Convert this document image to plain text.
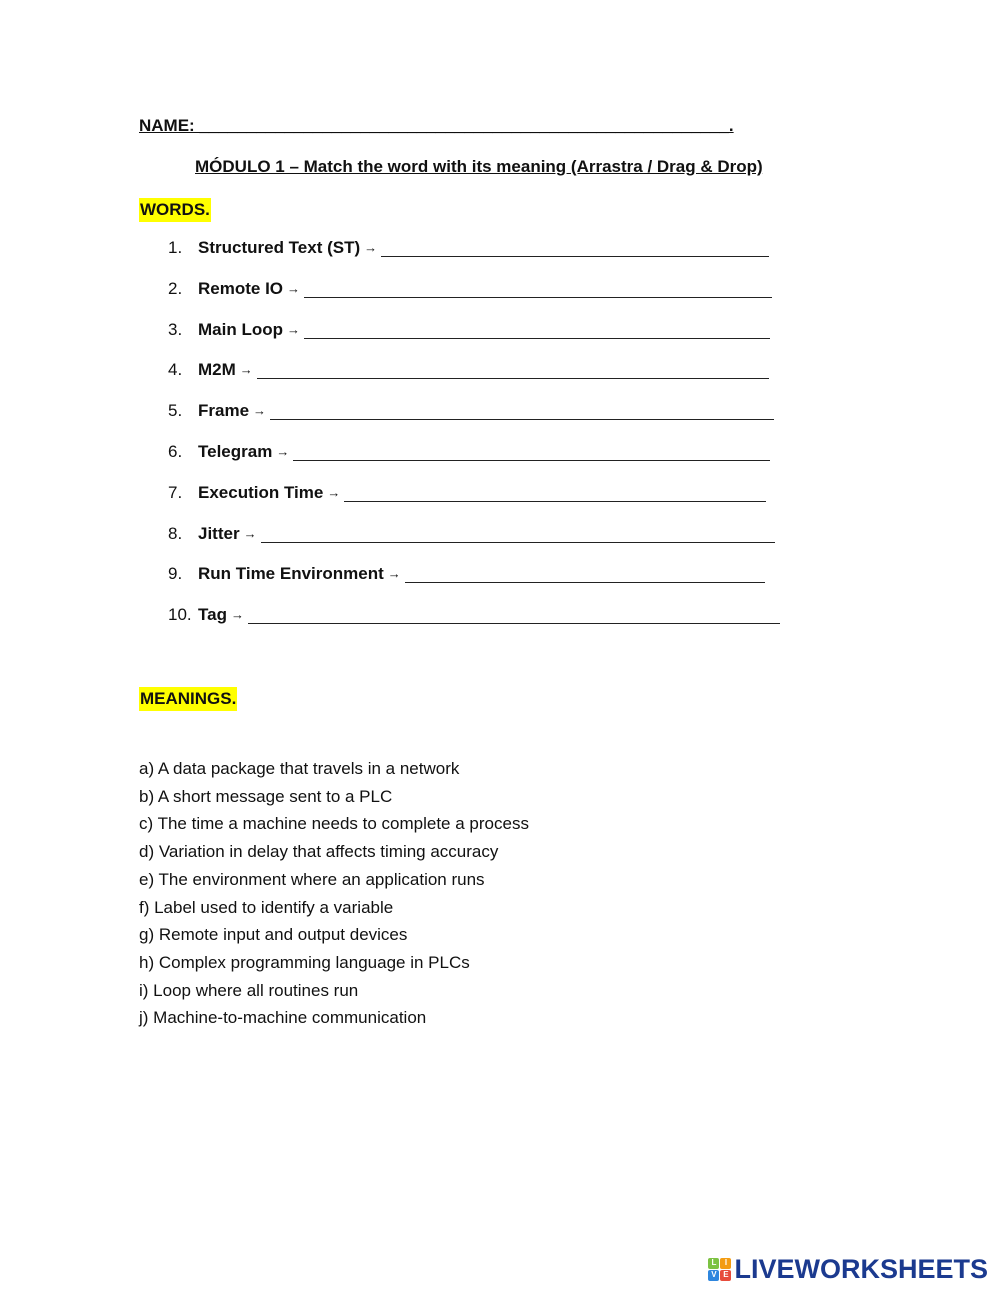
NAME: ________________________________________________________.
MÓDULO 1 – Match the word with its meaning (Arrastra / Drag & Drop)
WORDS.
1. Structured Text (ST) →
2. Remote IO →
3. Main Loop →
4. M2M →
5. Frame →
6. Telegram →
7. Execution Time →
8. Jitter →
9. Run Time Environment →
10. Tag →
MEANINGS.
a) A data package that travels in a network
b) A short message sent to a PLC
c) The time a machine needs to complete a process
d) Variation in delay that affects timing accuracy
e) The environment where an application runs
f) Label used to identify a variable
g) Remote input and output devices
h) Complex programming language in PLCs
i) Loop where all routines run
j) Machine-to-machine communication
L	I
V E LIVEWORKSHEETS
